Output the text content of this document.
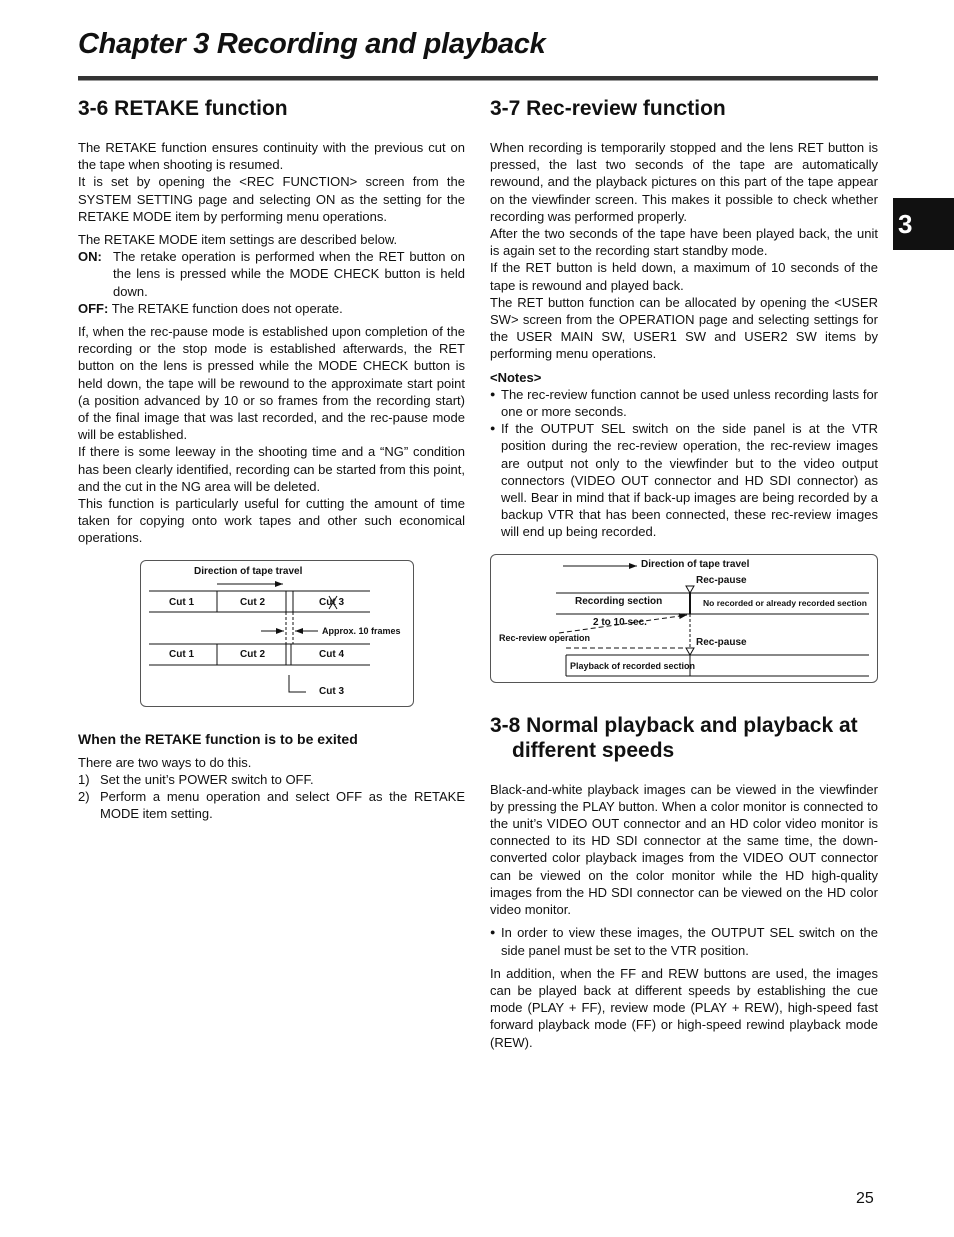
Chapter 3 Recording and playback
3
3-6 RETAKE function

The RETAKE function ensures continuity with the previous cut on the tape when shooting is resumed.

It is set by opening the <REC FUNCTION> screen from the SYSTEM SETTING page and selecting ON as the setting for the RETAKE MODE item by performing menu operations.

The RETAKE MODE item settings are described below.

ON: The retake operation is performed when the RET button on the lens is pressed while the MODE CHECK button is held down.

OFF: The RETAKE function does not operate.

If, when the rec-pause mode is established upon completion of the recording or the stop mode is established afterwards, the RET button on the lens is pressed while the MODE CHECK button is held down, the tape will be rewound to the approximate start point (a position advanced by 10 or so frames from the recording start) of the final image that was last recorded, and the rec-pause mode will be established.

If there is some leeway in the shooting time and a “NG” condition has been clearly identified, recording can be started from this point, and the cut in the NG area will be deleted.

This function is particularly useful for cutting the amount of time taken for copying onto work tapes and other such economical operations.

Direction of tape travel
Cut 1	Cut 2	Cut 3
Approx. 10 frames
Cut 1	Cut 2	Cut 4
Cut 3
When the RETAKE function is to be exited

There are two ways to do this.

1) Set the unit’s POWER switch to OFF.
2) Perform a menu operation and select OFF as the RETAKE MODE item setting.
3-7 Rec-review function

When recording is temporarily stopped and the lens RET button is pressed, the last two seconds of the tape are automatically rewound, and the playback pictures on this part of the tape appear on the viewfinder screen. This makes it possible to check whether recording was performed properly.

After the two seconds of the tape have been played back, the unit is again set to the recording start standby mode.

If the RET button is held down, a maximum of 10 seconds of the tape is rewound and played back.

The RET button function can be allocated by opening the <USER SW> screen from the OPERATION page and selecting settings for the USER MAIN SW, USER1 SW and USER2 SW items by performing menu operations.

<Notes>

● The rec-review function cannot be used unless recording lasts for one or more seconds.
● If the OUTPUT SEL switch on the side panel is at the VTR position during the rec-review operation, the rec-review images are output not only to the viewfinder but to the video output connectors (VIDEO OUT connector and HD SDI connector) as well. Bear in mind that if back-up images are being recorded by a backup VTR that has been connected, these rec-review images will end up being recorded.
Direction of tape travel
Rec-pause
Recording section	No recorded or already recorded section
2 to 10 sec.
Rec-review operation	Rec-pause
Playback of recorded section
3-8 Normal playback and playback at
different speeds

Black-and-white playback images can be viewed in the viewfinder by pressing the PLAY button. When a color monitor is connected to the unit’s VIDEO OUT connector and an HD color video monitor is connected to its HD SDI connector at the same time, the down-converted color playback images from the VIDEO OUT connector can be viewed on the color monitor while the HD high-quality images from the HD SDI connector can be viewed on the HD color video monitor.

● In order to view these images, the OUTPUT SEL switch on the side panel must be set to the VTR position.

In addition, when the FF and REW buttons are used, the images can be played back at different speeds by establishing the cue mode (PLAY + FF), review mode (PLAY + REW), high-speed fast forward playback mode (FF) or high-speed rewind playback mode (REW).

25
